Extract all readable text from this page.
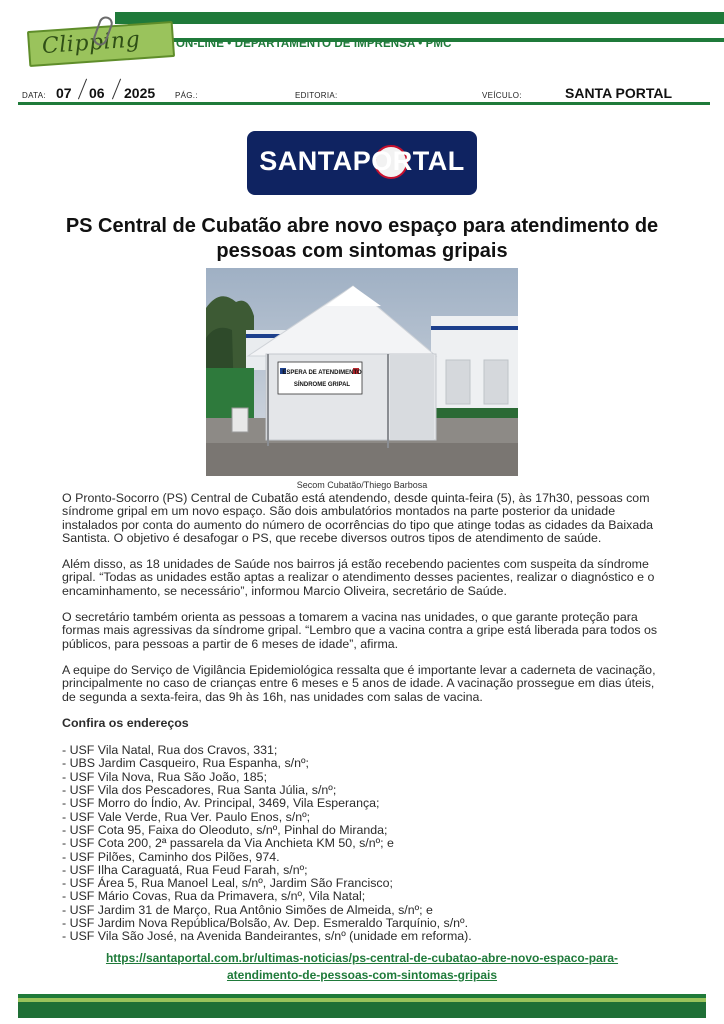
Clipping	ON-LINE • DEPARTAMENTO DE IMPRENSA • PMC
DATA: 07 06 2025 PÁG.:	EDITORIA:	VEÍCULO:	SANTA PORTAL
SANTAPORTAL
PS Central de Cubatão abre novo espaço para atendimento de pessoas com sintomas gripais
ESPERA DE ATENDIMENTO
SÍNDROME GRIPAL
Secom Cubatão/Thiego Barbosa

O Pronto-Socorro (PS) Central de Cubatão está atendendo, desde quinta-feira (5), às 17h30, pessoas com síndrome gripal em um novo espaço. São dois ambulatórios montados na parte posterior da unidade instalados por conta do aumento do número de ocorrências do tipo que atinge todas as cidades da Baixada Santista. O objetivo é desafogar o PS, que recebe diversos outros tipos de atendimento de saúde.

Além disso, as 18 unidades de Saúde nos bairros já estão recebendo pacientes com suspeita da síndrome gripal. “Todas as unidades estão aptas a realizar o atendimento desses pacientes, realizar o diagnóstico e o encaminhamento, se necessário”, informou Marcio Oliveira, secretário de Saúde.

O secretário também orienta as pessoas a tomarem a vacina nas unidades, o que garante proteção para formas mais agressivas da síndrome gripal. “Lembro que a vacina contra a gripe está liberada para todos os públicos, para pessoas a partir de 6 meses de idade”, afirma.

A equipe do Serviço de Vigilância Epidemiológica ressalta que é importante levar a caderneta de vacinação, principalmente no caso de crianças entre 6 meses e 5 anos de idade. A vacinação prossegue em dias úteis, de segunda a sexta-feira, das 9h às 16h, nas unidades com salas de vacina.

Confira os endereços
- USF Vila Natal, Rua dos Cravos, 331;
- UBS Jardim Casqueiro, Rua Espanha, s/nº;
- USF Vila Nova, Rua São João, 185;
- USF Vila dos Pescadores, Rua Santa Júlia, s/nº;
- USF Morro do Índio, Av. Principal, 3469, Vila Esperança;
- USF Vale Verde, Rua Ver. Paulo Enos, s/nº;
- USF Cota 95, Faixa do Oleoduto, s/nº, Pinhal do Miranda;
- USF Cota 200, 2ª passarela da Via Anchieta KM 50, s/nº; e
- USF Pilões, Caminho dos Pilões, 974.
- USF Ilha Caraguatá, Rua Feud Farah, s/nº;
- USF Área 5, Rua Manoel Leal, s/nº, Jardim São Francisco;
- USF Mário Covas, Rua da Primavera, s/nº, Vila Natal;
- USF Jardim 31 de Março, Rua Antônio Simões de Almeida, s/nº; e
- USF Jardim Nova República/Bolsão, Av. Dep. Esmeraldo Tarquínio, s/nº.
- USF Vila São José, na Avenida Bandeirantes, s/nº (unidade em reforma).
https://santaportal.com.br/ultimas-noticias/ps-central-de-cubatao-abre-novo-espaco-para-
atendimento-de-pessoas-com-sintomas-gripais
